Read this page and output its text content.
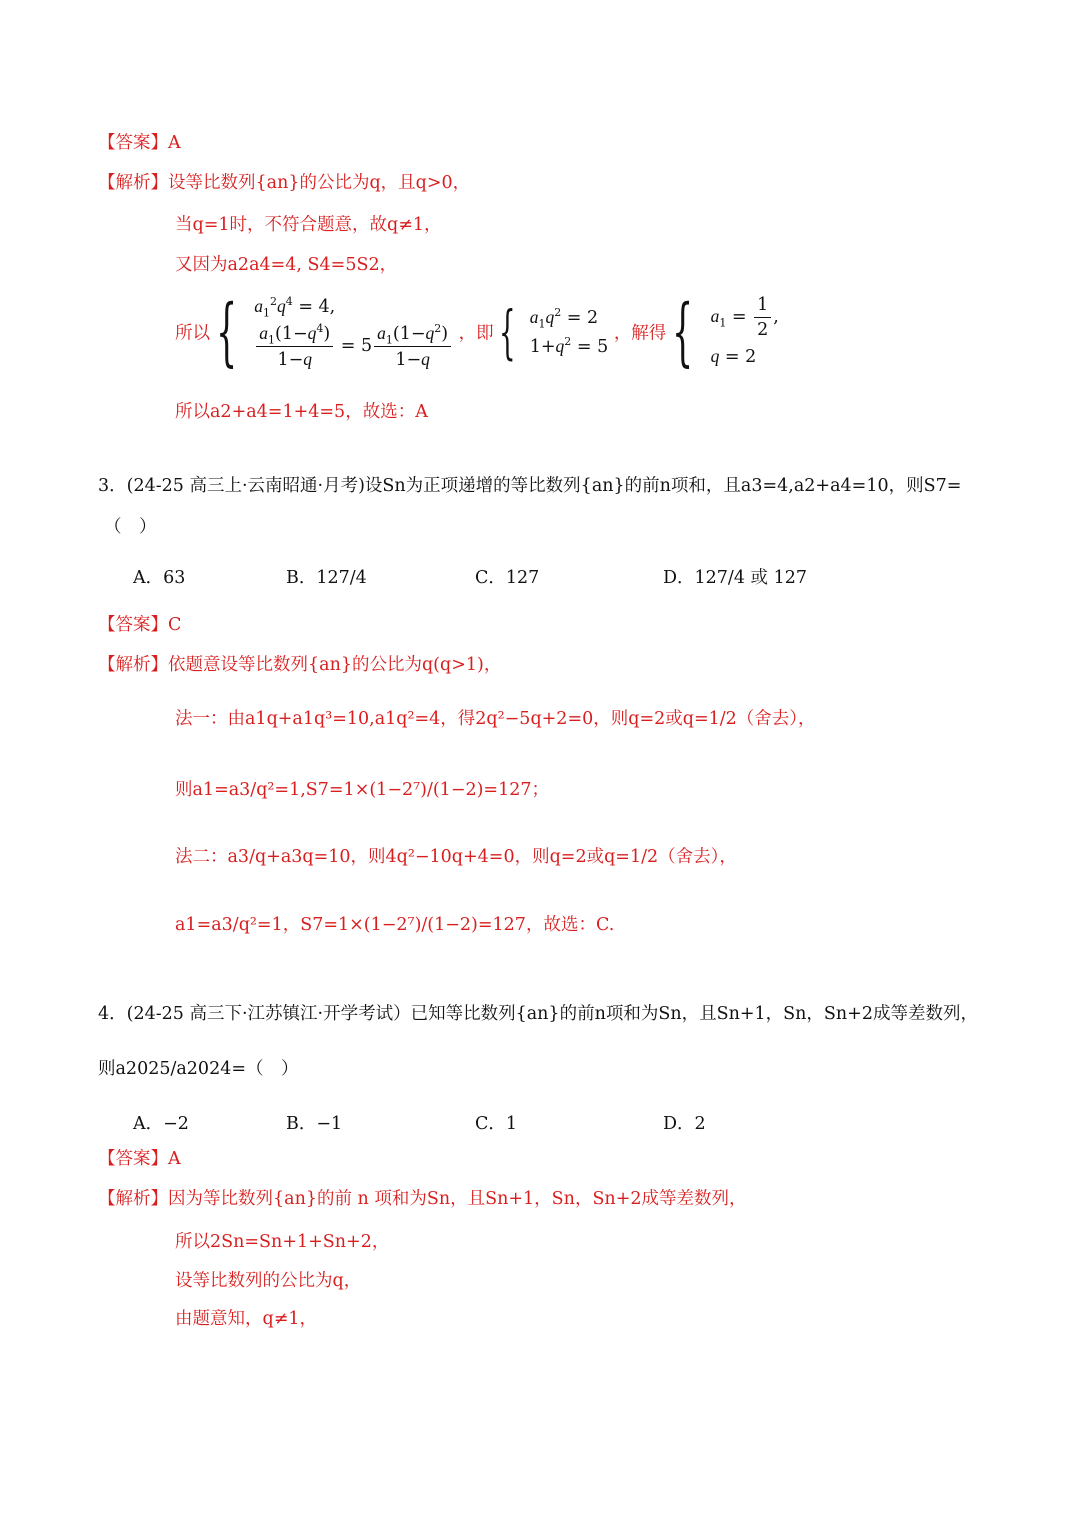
【答案】A
【解析】设等比数列{an}的公比为q，且q>0，
当q=1时，不符合题意，故q≠1，
又因为a2a4=4, S4=5S2，
所以 { $a_1^2q^4 = 4$,
$\frac{a_1(1-q^4)}{1-q} = 5 \frac{a_1(1-q^2)}{1-q}$ ，即 { $a_1q^2 = 2$
$1+q^2 = 5$
，解得 { $a_1 = \frac{1}{2}$ ,
q = 2
所以a2+a4=1+4=5，故选：A
3．(24-25 高三上·云南昭通·月考)设Sn为正项递增的等比数列{an}的前n项和，且a3=4,a2+a4=10，则S7=
（　）
A．63	B．127/4	C．127	D．127/4 或 127
【答案】C
【解析】依题意设等比数列{an}的公比为q(q>1)，
法一：由a1q+a1q³=10,a1q²=4，得2q²−5q+2=0，则q=2或q=1/2（舍去），
则a1=a3/q²=1,S7=1×(1−2⁷)/(1−2)=127；
法二：a3/q+a3q=10，则4q²−10q+4=0，则q=2或q=1/2（舍去），
a1=a3/q²=1，S7=1×(1−2⁷)/(1−2)=127，故选：C.
4．(24-25 高三下·江苏镇江·开学考试）已知等比数列{an}的前n项和为Sn，且Sn+1，Sn，Sn+2成等差数列，
则a2025/a2024=（　）
A．−2	B．−1	C．1	D．2
【答案】A
【解析】因为等比数列{an}的前 n 项和为Sn，且Sn+1，Sn，Sn+2成等差数列，
所以2Sn=Sn+1+Sn+2，
设等比数列的公比为q，
由题意知，q≠1，
